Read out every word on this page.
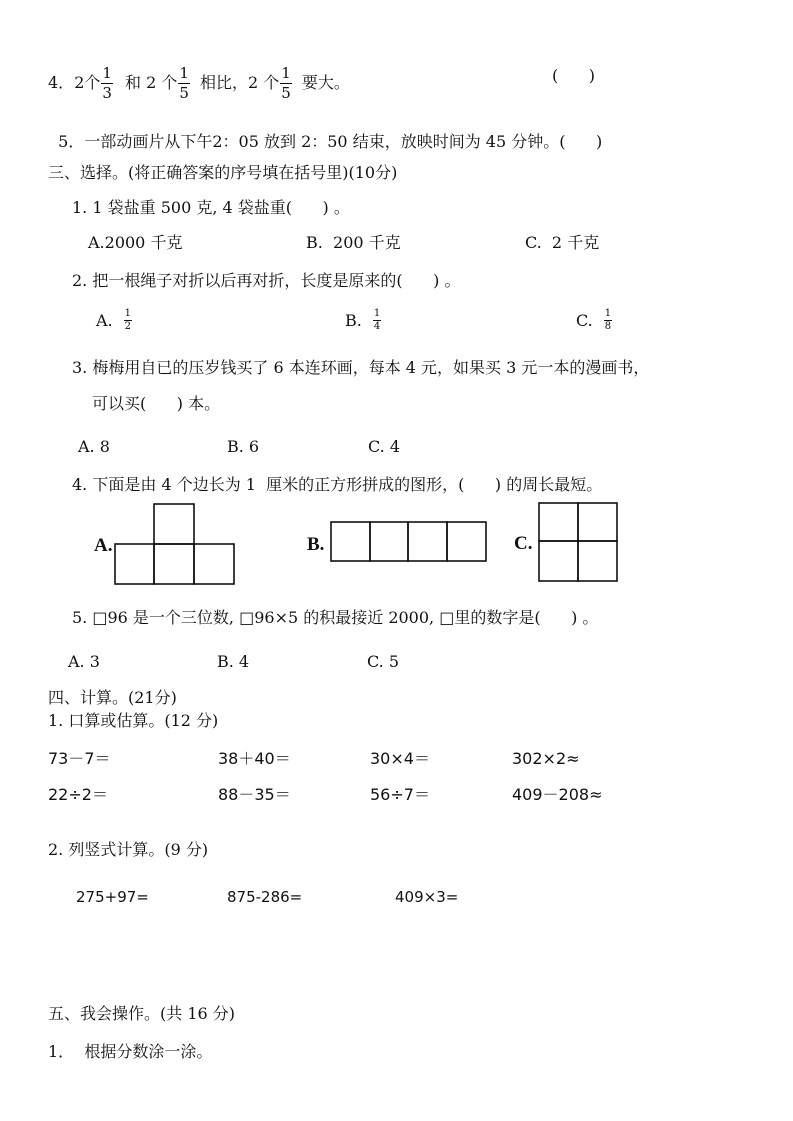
4． 2个 $\frac{1}{3}$ 和 2 个 $\frac{1}{5}$ 相比，2 个 $\frac{1}{5}$ 要大。	(      )

5．一部动画片从下午2：05 放到 2：50 结束，放映时间为 45 分钟。(      )

三、选择。(将正确答案的序号填在括号里)(10分)
1. 1 袋盐重 500 克, 4 袋盐重(      ) 。
A.2000 千克	B.  200 千克	C.  2 千克
2. 把一根绳子对折以后再对折，长度是原来的(      ) 。
A. $\frac{1}{2}$	B. $\frac{1}{4}$	C. $\frac{1}{8}$
3. 梅梅用自已的压岁钱买了 6 本连环画，每本 4 元，如果买 3 元一本的漫画书，
可以买(      ) 本。
A. 8	B. 6	C. 4
4. 下面是由 4 个边长为 1  厘米的正方形拼成的图形，(      ) 的周长最短。
A.	B.	C.
5. □96 是一个三位数, □96×5 的积最接近 2000, □里的数字是(      ) 。
A. 3	B. 4	C. 5
四、计算。(21分)
1. 口算或估算。(12 分)
73－7＝	38＋40＝	30×4＝	302×2≈
22÷2＝	88－35＝	56÷7＝	409－208≈
2. 列竖式计算。(9 分)
275+97=	875-286=	409×3=
五、我会操作。(共 16 分)
1．  根据分数涂一涂。
